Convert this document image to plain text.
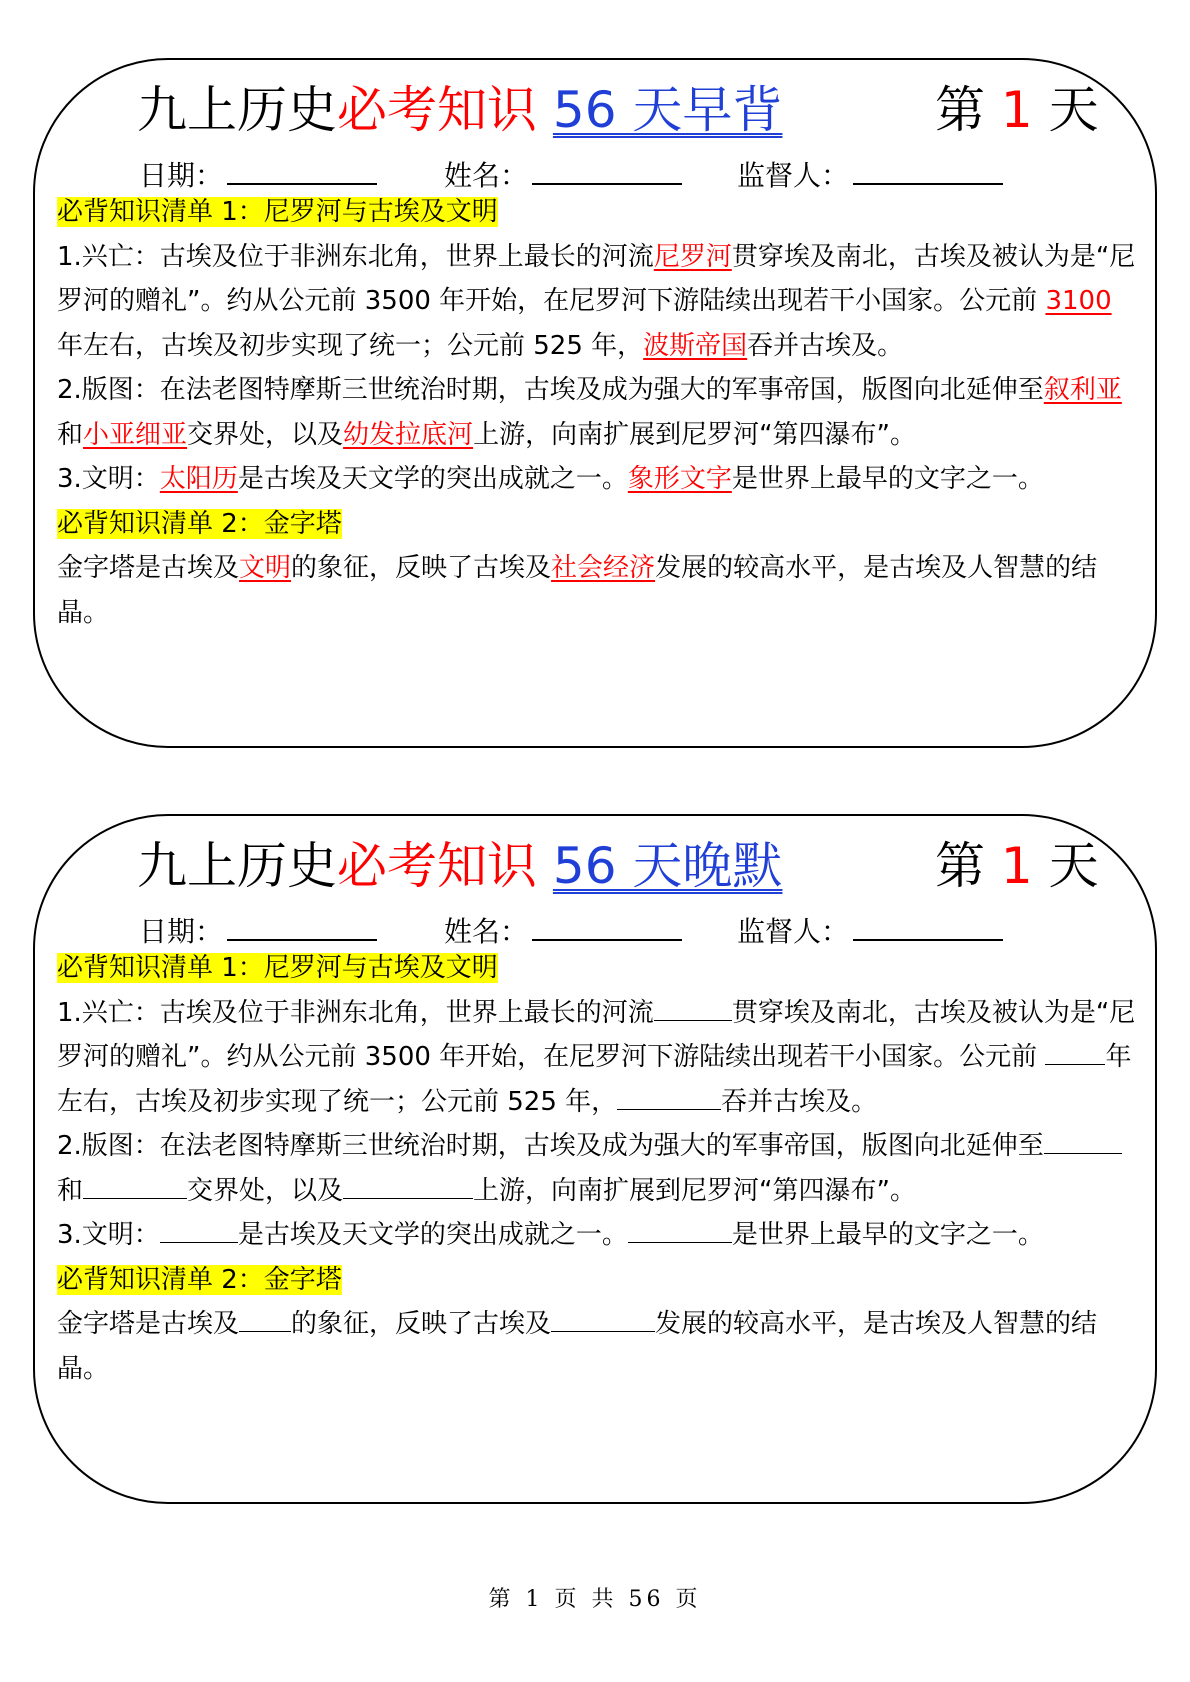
九上历史必考知识 56 天早背	第 1 天
日期：	姓名：	监督人：

必背知识清单 1：尼罗河与古埃及文明

1.兴亡：古埃及位于非洲东北角，世界上最长的河流尼罗河贯穿埃及南北，古埃及被认为是“尼罗河的赠礼”。约从公元前 3500 年开始，在尼罗河下游陆续出现若干小国家。公元前 3100 年左右，古埃及初步实现了统一；公元前 525 年，波斯帝国吞并古埃及。

2.版图：在法老图特摩斯三世统治时期，古埃及成为强大的军事帝国，版图向北延伸至叙利亚和小亚细亚交界处，以及幼发拉底河上游，向南扩展到尼罗河“第四瀑布”。

3.文明：太阳历是古埃及天文学的突出成就之一。象形文字是世界上最早的文字之一。

必背知识清单 2：金字塔

金字塔是古埃及文明的象征，反映了古埃及社会经济发展的较高水平，是古埃及人智慧的结晶。

九上历史必考知识 56 天晚默	第 1 天
日期：	姓名：	监督人：

必背知识清单 1：尼罗河与古埃及文明

1.兴亡：古埃及位于非洲东北角，世界上最长的河流	贯穿埃及南北，古埃及被认为是“尼罗河的赠礼”。约从公元前 3500 年开始，在尼罗河下游陆续出现若干小国家。公元前 年左右，古埃及初步实现了统一；公元前 525 年，	吞并古埃及。

2.版图：在法老图特摩斯三世统治时期，古埃及成为强大的军事帝国，版图向北延伸至和	交界处，以及	上游，向南扩展到尼罗河“第四瀑布”。

3.文明：	是古埃及天文学的突出成就之一。	是世界上最早的文字之一。

必背知识清单 2：金字塔

金字塔是古埃及 的象征，反映了古埃及	发展的较高水平，是古埃及人智慧的结晶。

第 1 页 共 56 页
